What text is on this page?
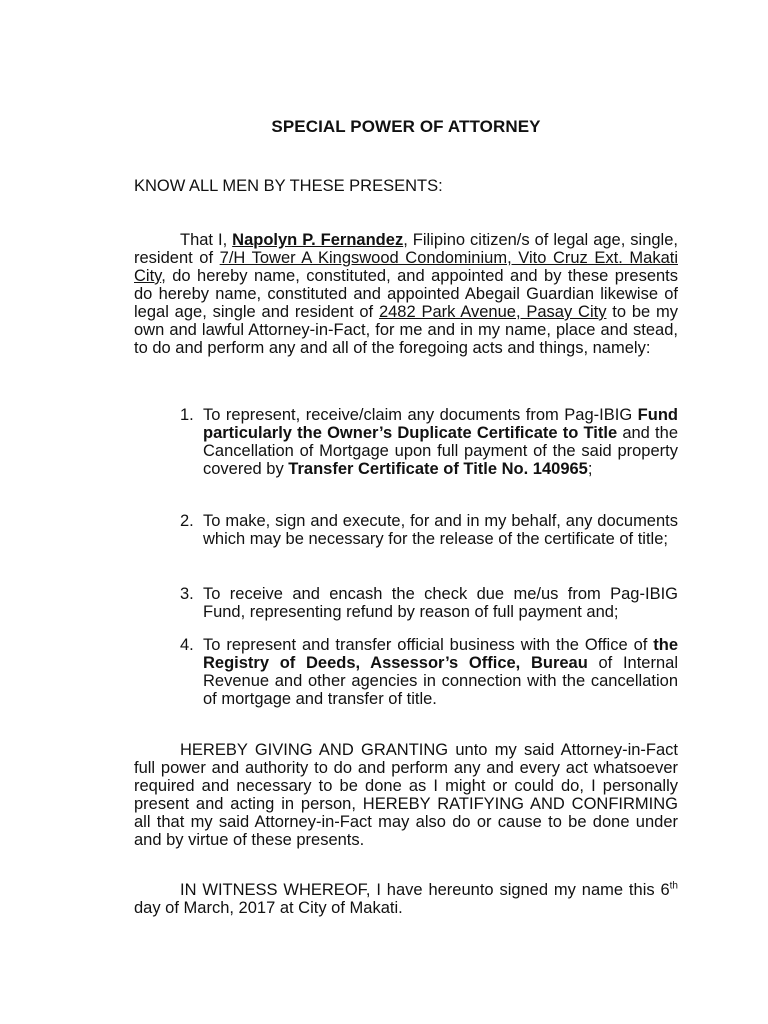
SPECIAL POWER OF ATTORNEY

KNOW ALL MEN BY THESE PRESENTS:

That I, Napolyn P. Fernandez, Filipino citizen/s of legal age, single, resident of 7/H Tower A Kingswood Condominium, Vito Cruz Ext. Makati City, do hereby name, constituted, and appointed and by these presents do hereby name, constituted and appointed Abegail Guardian likewise of legal age, single and resident of 2482 Park Avenue, Pasay City to be my own and lawful Attorney-in-Fact, for me and in my name, place and stead, to do and perform any and all of the foregoing acts and things, namely:

1. To represent, receive/claim any documents from Pag-IBIG Fund particularly the Owner’s Duplicate Certificate to Title and the Cancellation of Mortgage upon full payment of the said property covered by Transfer Certificate of Title No. 140965;
2. To make, sign and execute, for and in my behalf, any documents which may be necessary for the release of the certificate of title;
3. To receive and encash the check due me/us from Pag-IBIG Fund, representing refund by reason of full payment and;
4. To represent and transfer official business with the Office of the Registry of Deeds, Assessor’s Office, Bureau of Internal Revenue and other agencies in connection with the cancellation of mortgage and transfer of title.

HEREBY GIVING AND GRANTING unto my said Attorney-in-Fact full power and authority to do and perform any and every act whatsoever required and necessary to be done as I might or could do, I personally present and acting in person, HEREBY RATIFYING AND CONFIRMING all that my said Attorney-in-Fact may also do or cause to be done under and by virtue of these presents.

IN WITNESS WHEREOF, I have hereunto signed my name this 6th day of March, 2017 at City of Makati.
